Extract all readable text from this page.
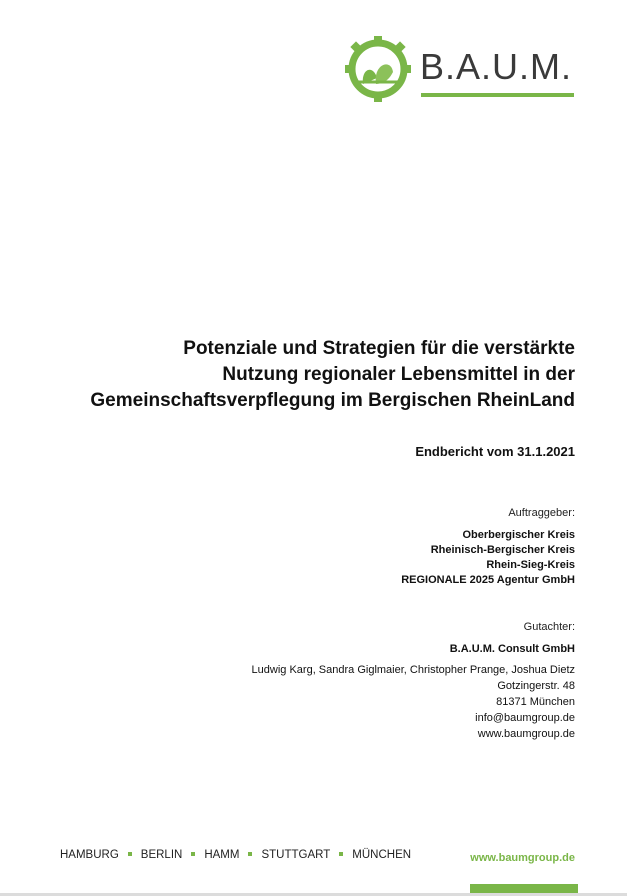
B.A.U.M.
Potenziale und Strategien für die verstärkte
Nutzung regionaler Lebensmittel in der
Gemeinschaftsverpflegung im Bergischen RheinLand
Endbericht vom 31.1.2021
Auftraggeber:
Oberbergischer Kreis
Rheinisch-Bergischer Kreis
Rhein-Sieg-Kreis
REGIONALE 2025 Agentur GmbH
Gutachter:
B.A.U.M. Consult GmbH
Ludwig Karg, Sandra Giglmaier, Christopher Prange, Joshua Dietz
Gotzingerstr. 48
81371 München
info@baumgroup.de
www.baumgroup.de
HAMBURG BERLIN HAMM STUTTGART MÜNCHEN	www.baumgroup.de
